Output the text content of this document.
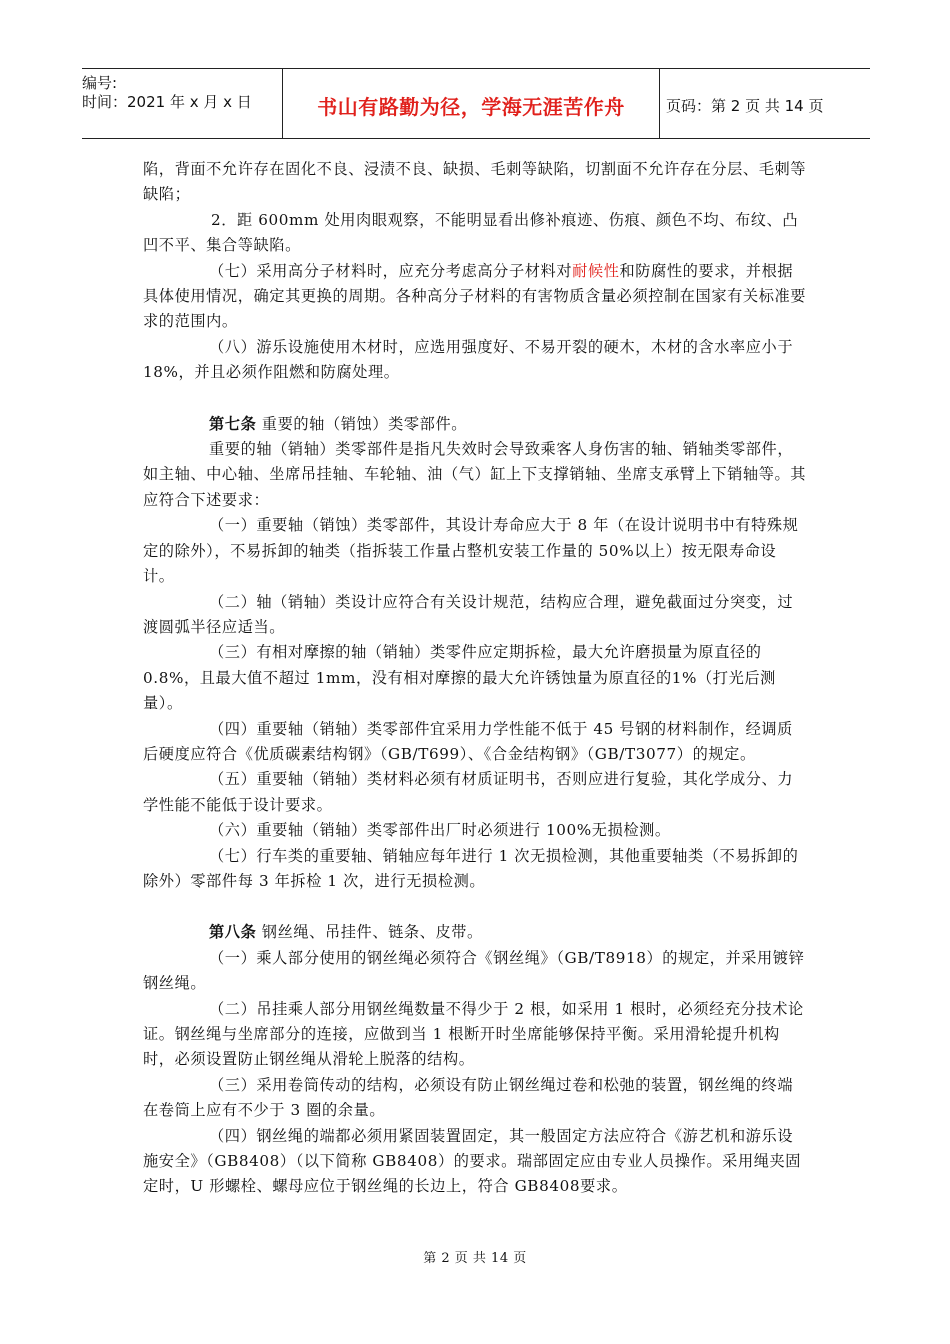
编号:
时间：2021 年 x 月 x 日	书山有路勤为径，学海无涯苦作舟	页码：第 2 页 共 14 页

陷，背面不允许存在固化不良、浸渍不良、缺损、毛刺等缺陷，切割面不允许存在分层、毛刺等缺陷；

2．距 600mm 处用肉眼观察，不能明显看出修补痕迹、伤痕、颜色不均、布纹、凸凹不平、集合等缺陷。

（七）采用高分子材料时，应充分考虑高分子材料对耐候性和防腐性的要求，并根据具体使用情况，确定其更换的周期。各种高分子材料的有害物质含量必须控制在国家有关标准要求的范围内。

（八）游乐设施使用木材时，应选用强度好、不易开裂的硬木，木材的含水率应小于 18%，并且必须作阻燃和防腐处理。

第七条 重要的轴（销蚀）类零部件。

重要的轴（销轴）类零部件是指凡失效时会导致乘客人身伤害的轴、销轴类零部件，如主轴、中心轴、坐席吊挂轴、车轮轴、油（气）缸上下支撑销轴、坐席支承臂上下销轴等。其应符合下述要求：

（一）重要轴（销蚀）类零部件，其设计寿命应大于 8 年（在设计说明书中有特殊规定的除外），不易拆卸的轴类（指拆装工作量占整机安装工作量的 50%以上）按无限寿命设计。

（二）轴（销轴）类设计应符合有关设计规范，结构应合理，避免截面过分突变，过渡圆弧半径应适当。

（三）有相对摩擦的轴（销轴）类零件应定期拆检，最大允许磨损量为原直径的 0.8%，且最大值不超过 1mm，没有相对摩擦的最大允许锈蚀量为原直径的1%（打光后测量）。

（四）重要轴（销轴）类零部件宜采用力学性能不低于 45 号钢的材料制作，经调质后硬度应符合《优质碳素结构钢》（GB/T699）、《合金结构钢》（GB/T3077）的规定。

（五）重要轴（销轴）类材料必须有材质证明书，否则应进行复验，其化学成分、力学性能不能低于设计要求。

（六）重要轴（销轴）类零部件出厂时必须进行 100%无损检测。

（七）行车类的重要轴、销轴应每年进行 1 次无损检测，其他重要轴类（不易拆卸的除外）零部件每 3 年拆检 1 次，进行无损检测。

第八条 钢丝绳、吊挂件、链条、皮带。

（一）乘人部分使用的钢丝绳必须符合《钢丝绳》（GB/T8918）的规定，并采用镀锌钢丝绳。

（二）吊挂乘人部分用钢丝绳数量不得少于 2 根，如采用 1 根时，必须经充分技术论证。钢丝绳与坐席部分的连接，应做到当 1 根断开时坐席能够保持平衡。采用滑轮提升机构时，必须设置防止钢丝绳从滑轮上脱落的结构。

（三）采用卷筒传动的结构，必须设有防止钢丝绳过卷和松弛的装置，钢丝绳的终端在卷筒上应有不少于 3 圈的余量。

（四）钢丝绳的端都必须用紧固装置固定，其一般固定方法应符合《游艺机和游乐设施安全》（GB8408）（以下简称 GB8408）的要求。瑞部固定应由专业人员操作。采用绳夹固定时，U 形螺栓、螺母应位于钢丝绳的长边上，符合 GB8408要求。

第 2 页 共 14 页
